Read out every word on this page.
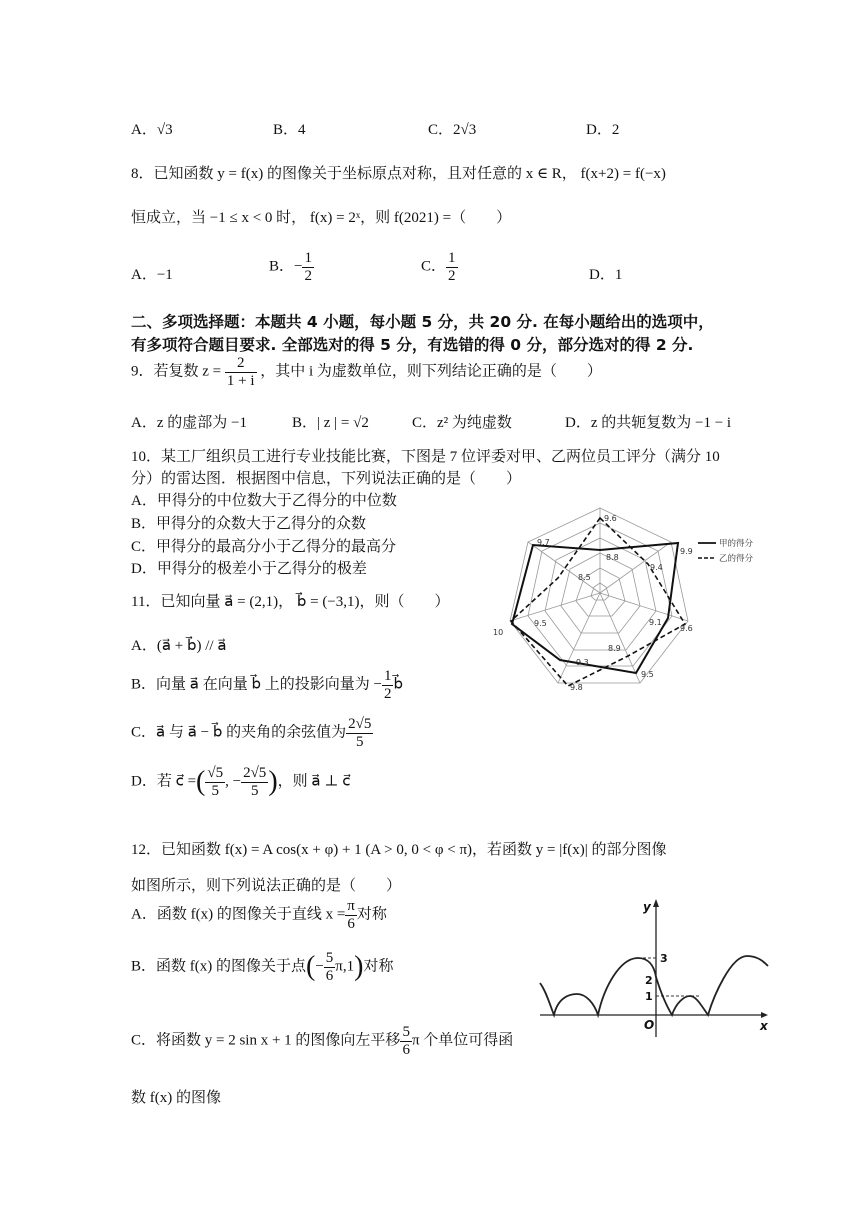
A．√3	B．4	C．2√3	D．2
8．已知函数 y = f(x) 的图像关于坐标原点对称，且对任意的 x ∈ R， f(x+2) = f(−x)
恒成立，当 −1 ≤ x < 0 时， f(x) = 2ˣ，则 f(2021) =（　　）
A．−1
B．− $\frac{1}{2}$	C． $\frac{1}{2}$	D．1
二、多项选择题：本题共 4 小题，每小题 5 分，共 20 分. 在每小题给出的选项中，
有多项符合题目要求. 全部选对的得 5 分，有选错的得 0 分，部分选对的得 2 分.
9．若复数 $z = \frac{2}{1 + i}$ ，其中 i 为虚数单位，则下列结论正确的是（　　）
A．z 的虚部为 −1	B．| z | = √2	C．z² 为纯虚数	D．z 的共轭复数为 −1 − i
10．某工厂组织员工进行专业技能比赛，下图是 7 位评委对甲、乙两位员工评分（满分 10
分）的雷达图．根据图中信息，下列说法正确的是（　　）
A．甲得分的中位数大于乙得分的中位数
B．甲得分的众数大于乙得分的众数
C．甲得分的最高分小于乙得分的最高分
D．甲得分的极差小于乙得分的极差
9.6
9.7
9.9
8.8
9.4
8.5
10
9.5	9.1
9.6
8.9
9.3
9.5
9.8
甲的得分
乙的得分
11．已知向量 a⃗ = (2,1)， b⃗ = (−3,1)，则（　　）
A．(a⃗ + b⃗) // a⃗
B．向量 a⃗ 在向量 b⃗ 上的投影向量为 − $\frac{1}{2}$ b⃗
C．a⃗ 与 a⃗ − b⃗ 的夹角的余弦值为 $\frac{2√5}{5}$
D．若 c⃗ =( $\frac{√5}{5}$ , − $\frac{2√5}{5}$ )，则 a⃗ ⊥ c⃗
12．已知函数 f(x) = A cos(x + φ) + 1 (A > 0, 0 < φ < π)，若函数 y = |f(x)| 的部分图像
如图所示，则下列说法正确的是（　　）
A．函数 f(x) 的图像关于直线 $x = \frac{\pi}{6}$ 对称
B．函数 f(x) 的图像关于点(− $\frac{5}{6} \pi,1$)对称
C．将函数 y = 2 sin x + 1 的图像向左平移 $\frac{5}{6}$ π 个单位可得函
数 f(x) 的图像
y
x
O
3
2
1
